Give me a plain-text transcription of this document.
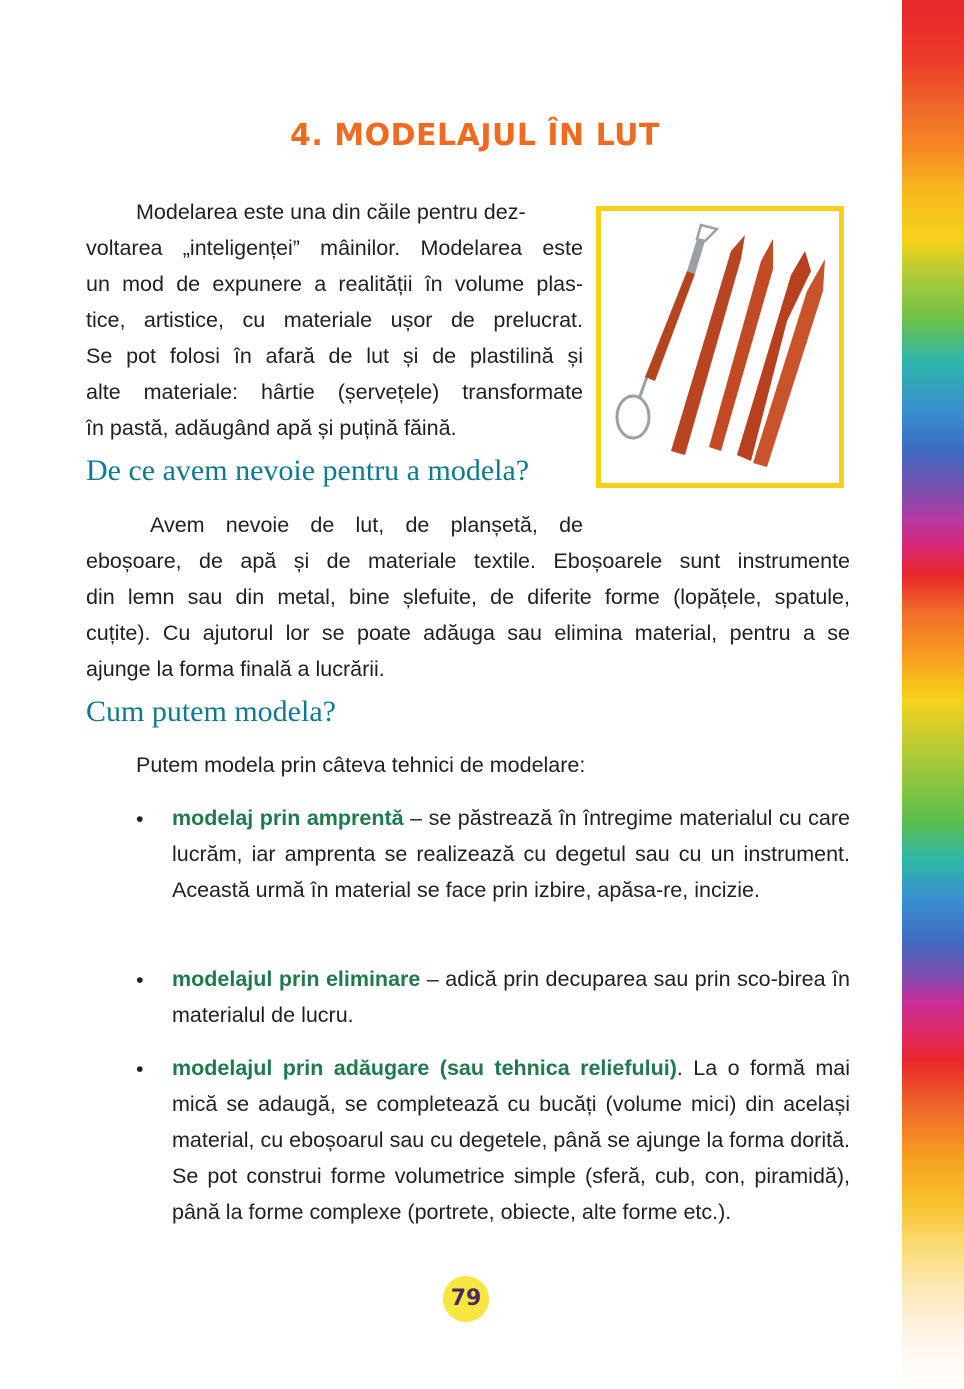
4. MODELAJUL ÎN LUT
Modelarea este una din căile pentru dez-
voltarea „inteligenței” mâinilor. Modelarea este
un mod de expunere a realității în volume plas-
tice, artistice, cu materiale ușor de prelucrat.
Se pot folosi în afară de lut și de plastilină și
alte materiale: hârtie (șervețele) transformate
în pastă, adăugând apă și puțină făină.
De ce avem nevoie pentru a modela?
Avem nevoie de lut, de planșetă, de
eboșoare, de apă și de materiale textile. Eboșoarele sunt instrumente
din lemn sau din metal, bine șlefuite, de diferite forme (lopățele, spatule,
cuțite). Cu ajutorul lor se poate adăuga sau elimina material, pentru a se
ajunge la forma finală a lucrării.
Cum putem modela?
Putem modela prin câteva tehnici de modelare:
• modelaj prin amprentă – se păstrează în întregime materialul cu care lucrăm, iar amprenta se realizează cu degetul sau cu un instrument. Această urmă în material se face prin izbire, apăsa-re, incizie.
• modelajul prin eliminare – adică prin decuparea sau prin sco-birea în materialul de lucru.
• modelajul prin adăugare (sau tehnica reliefului). La o formă mai mică se adaugă, se completează cu bucăți (volume mici) din același material, cu eboșoarul sau cu degetele, până se ajunge la forma dorită. Se pot construi forme volumetrice simple (sferă, cub, con, piramidă), până la forme complexe (portrete, obiecte, alte forme etc.).
79
